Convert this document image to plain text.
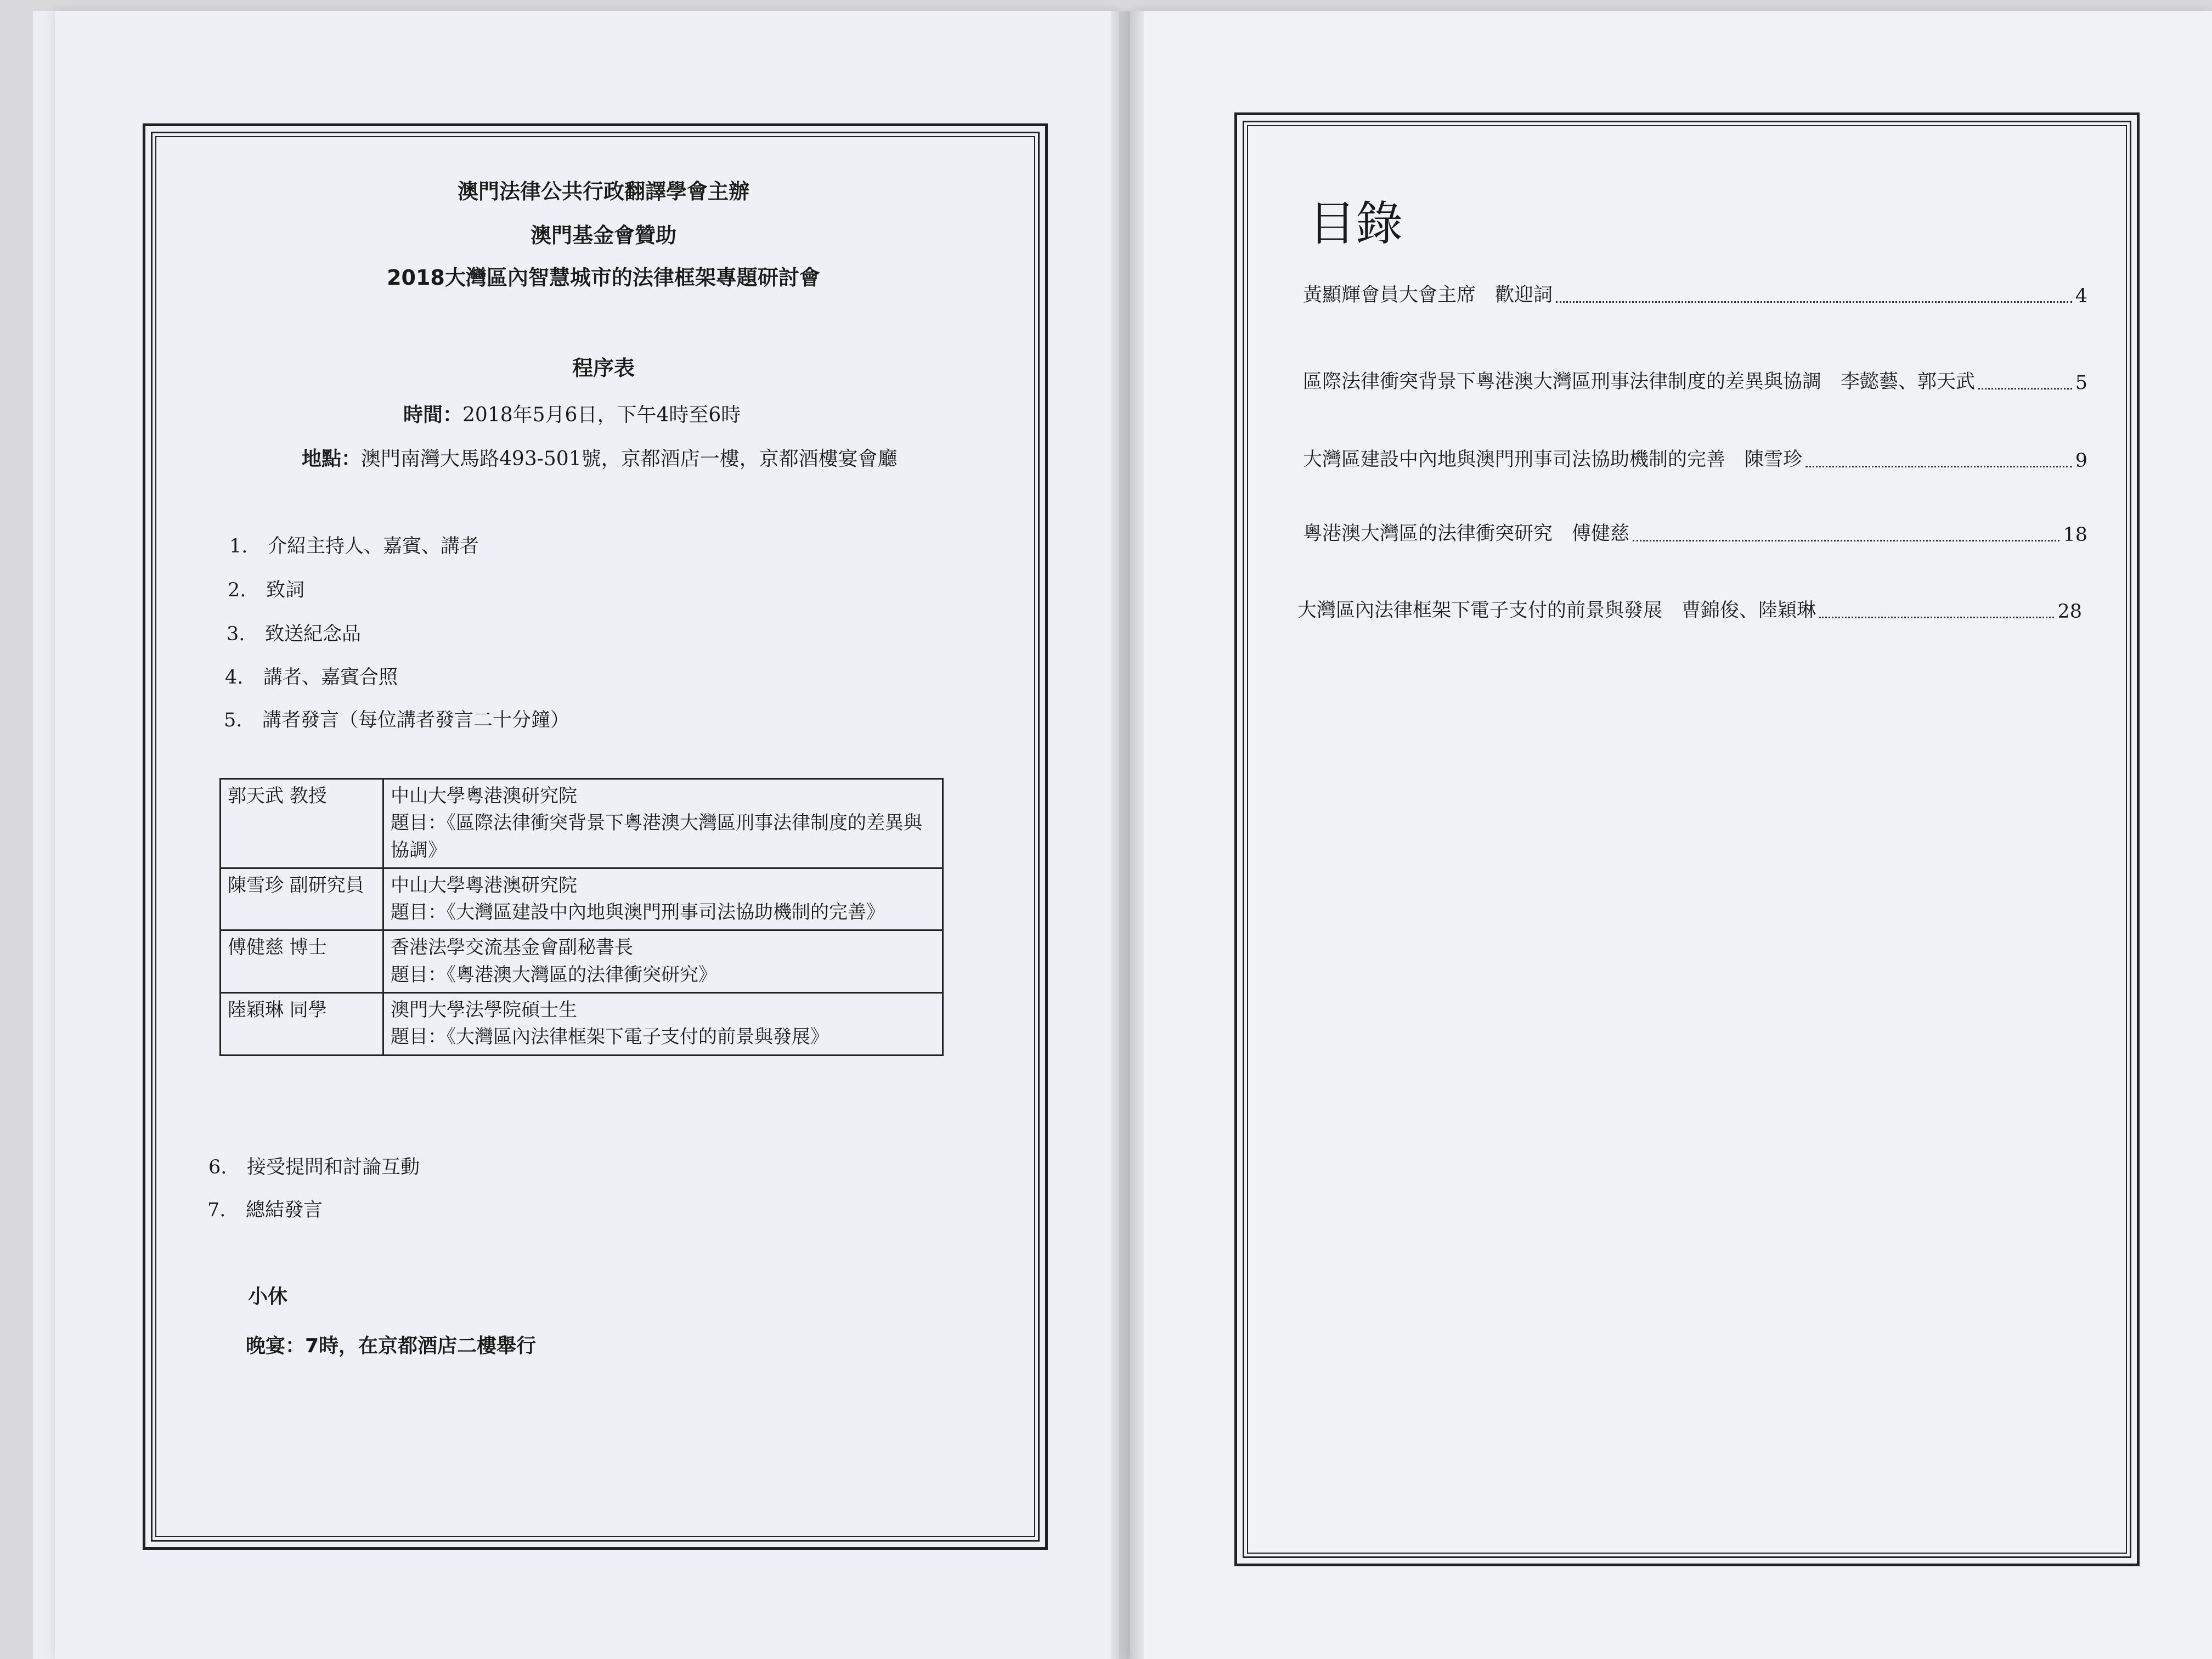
澳門法律公共行政翻譯學會主辦
澳門基金會贊助
2018大灣區內智慧城市的法律框架專題研討會
程序表
時間：2018年5月6日，下午4時至6時
地點：澳門南灣大馬路493-501號，京都酒店一樓，京都酒樓宴會廳
1. 介紹主持人、嘉賓、講者
2. 致詞
3. 致送紀念品
4. 講者、嘉賓合照
5. 講者發言（每位講者發言二十分鐘）
郭天武 教授	中山大學粵港澳研究院
題目：《區際法律衝突背景下粵港澳大灣區刑事法律制度的差異與協調》

陳雪珍 副研究員	中山大學粵港澳研究院
題目：《大灣區建設中內地與澳門刑事司法協助機制的完善》

傅健慈 博士	香港法學交流基金會副秘書長
題目：《粵港澳大灣區的法律衝突研究》

陸穎琳 同學	澳門大學法學院碩士生
題目：《大灣區內法律框架下電子支付的前景與發展》
6. 接受提問和討論互動
7. 總結發言
小休
晚宴：7時，在京都酒店二樓舉行
目錄
黃顯輝會員大會主席　歡迎詞	4
區際法律衝突背景下粵港澳大灣區刑事法律制度的差異與協調　李懿藝、郭天武	5
大灣區建設中內地與澳門刑事司法協助機制的完善　陳雪珍	9
粵港澳大灣區的法律衝突研究　傅健慈	18
大灣區內法律框架下電子支付的前景與發展　曹錦俊、陸穎琳	28
